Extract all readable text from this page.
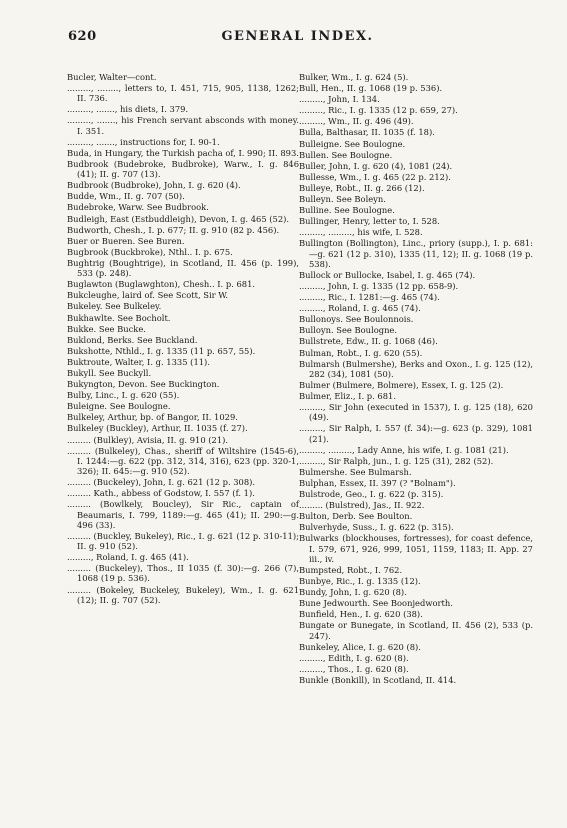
620	GENERAL INDEX.

Bucler, Walter—cont.

........., ........, letters to, I. 451, 715, 905, 1138, 1262; II. 736.

........., ......., his diets, I. 379.

........., ......., his French servant absconds with money. I. 351.

........., ......., instructions for, I. 90-1.

Buda, in Hungary, the Turkish pacha of, I. 990; II. 893.

Budbrook (Budebroke, Budbroke), Warw., I. g. 846 (41); II. g. 707 (13).

Budbrook (Budbroke), John, I. g. 620 (4).

Budde, Wm., II. g. 707 (50).

Budebroke, Warw. See Budbrook.

Budleigh, East (Estbuddleigh), Devon, I. g. 465 (52).

Budworth, Chesh., I. p. 677; II. g. 910 (82 p. 456).

Buer or Bueren. See Buren.

Bugbrook (Buckbroke), Nthl.. I. p. 675.

Bughtrig (Boughtrige), in Scotland, II. 456 (p. 199), 533 (p. 248).

Buglawton (Buglawghton), Chesh.. I. p. 681.

Bukcleughe, laird of. See Scott, Sir W.

Bukeley. See Bulkeley.

Bukhawlte. See Bocholt.

Bukke. See Bucke.

Buklond, Berks. See Buckland.

Bukshotte, Nthld., I. g. 1335 (11 p. 657, 55).

Buktroute, Walter, I. g. 1335 (11).

Bukyll. See Buckyll.

Bukyngton, Devon. See Buckington.

Bulby, Linc., I. g. 620 (55).

Buleigne. See Boulogne.

Bulkeley, Arthur, bp. of Bangor, II. 1029.

Bulkeley (Buckley), Arthur, II. 1035 (f. 27).

......... (Bulkley), Avisia, II. g. 910 (21).

......... (Bulkeley), Chas., sheriff of Wiltshire (1545-6), I. 1244:—g. 622 (pp. 312, 314, 316), 623 (pp. 320-1, 326); II. 645:—g. 910 (52).

......... (Buckeley), John, I. g. 621 (12 p. 308).

......... Kath., abbess of Godstow, I. 557 (f. 1).

......... (Bowlkely, Boucley), Sir Ric., captain of Beaumaris, I. 799, 1189:—g. 465 (41); II. 290:—g. 496 (33).

......... (Buckley, Bukeley), Ric., I. g. 621 (12 p. 310-11); II. g. 910 (52).

........., Roland, I. g. 465 (41).

......... (Buckeley), Thos., II 1035 (f. 30):—g. 266 (7), 1068 (19 p. 536).

......... (Bokeley, Buckeley, Bukeley), Wm., I. g. 621 (12); II. g. 707 (52).

Bulker, Wm., I. g. 624 (5).

Bull, Hen., II. g. 1068 (19 p. 536).

........., John, I. 134.

........., Ric., I. g. 1335 (12 p. 659, 27).

........., Wm., II. g. 496 (49).

Bulla, Balthasar, II. 1035 (f. 18).

Bulleigne. See Boulogne.

Bullen. See Boulogne.

Buller, John, I. g. 620 (4), 1081 (24).

Bullesse, Wm., I. g. 465 (22 p. 212).

Bulleye, Robt., II. g. 266 (12).

Bulleyn. See Boleyn.

Bulline. See Boulogne.

Bullinger, Henry, letter to, I. 528.

........., ........., his wife, I. 528.

Bullington (Bollington), Linc., priory (supp.), I. p. 681:—g. 621 (12 p. 310), 1335 (11, 12); II. g. 1068 (19 p. 538).

Bullock or Bullocke, Isabel, I. g. 465 (74).

........., John, I. g. 1335 (12 pp. 658-9).

........., Ric., I. 1281:—g. 465 (74).

........., Roland, I. g. 465 (74).

Bullonoys. See Boulonnois.

Bulloyn. See Boulogne.

Bullstrete, Edw., II. g. 1068 (46).

Bulman, Robt., I. g. 620 (55).

Bulmarsh (Bulmershe), Berks and Oxon., I. g. 125 (12), 282 (34), 1081 (50).

Bulmer (Bulmere, Bolmere), Essex, I. g. 125 (2).

Bulmer, Eliz., I. p. 681.

........., Sir John (executed in 1537), I. g. 125 (18), 620 (49).

........., Sir Ralph, I. 557 (f. 34):—g. 623 (p. 329), 1081 (21).

........., ........., Lady Anne, his wife, I. g. 1081 (21).

........., Sir Ralph, jun., I. g. 125 (31), 282 (52).

Bulmershe. See Bulmarsh.

Bulphan, Essex, II. 397 (? "Bolnam").

Bulstrode, Geo., I. g. 622 (p. 315).

......... (Bulstred), Jas., II. 922.

Bulton, Derb. See Boulton.

Bulverhyde, Suss., I. g. 622 (p. 315).

Bulwarks (blockhouses, fortresses), for coast defence, I. 579, 671, 926, 999, 1051, 1159, 1183; II. App. 27 iii., iv.

Bumpsted, Robt., I. 762.

Bunbye, Ric., I. g. 1335 (12).

Bundy, John, I. g. 620 (8).

Bune Jedwourth. See Boonjedworth.

Bunfield, Hen., I. g. 620 (38).

Bungate or Bunegate, in Scotland, II. 456 (2), 533 (p. 247).

Bunkeley, Alice, I. g. 620 (8).

........., Edith, I. g. 620 (8).

........., Thos., I. g. 620 (8).

Bunkle (Bonkill), in Scotland, II. 414.
